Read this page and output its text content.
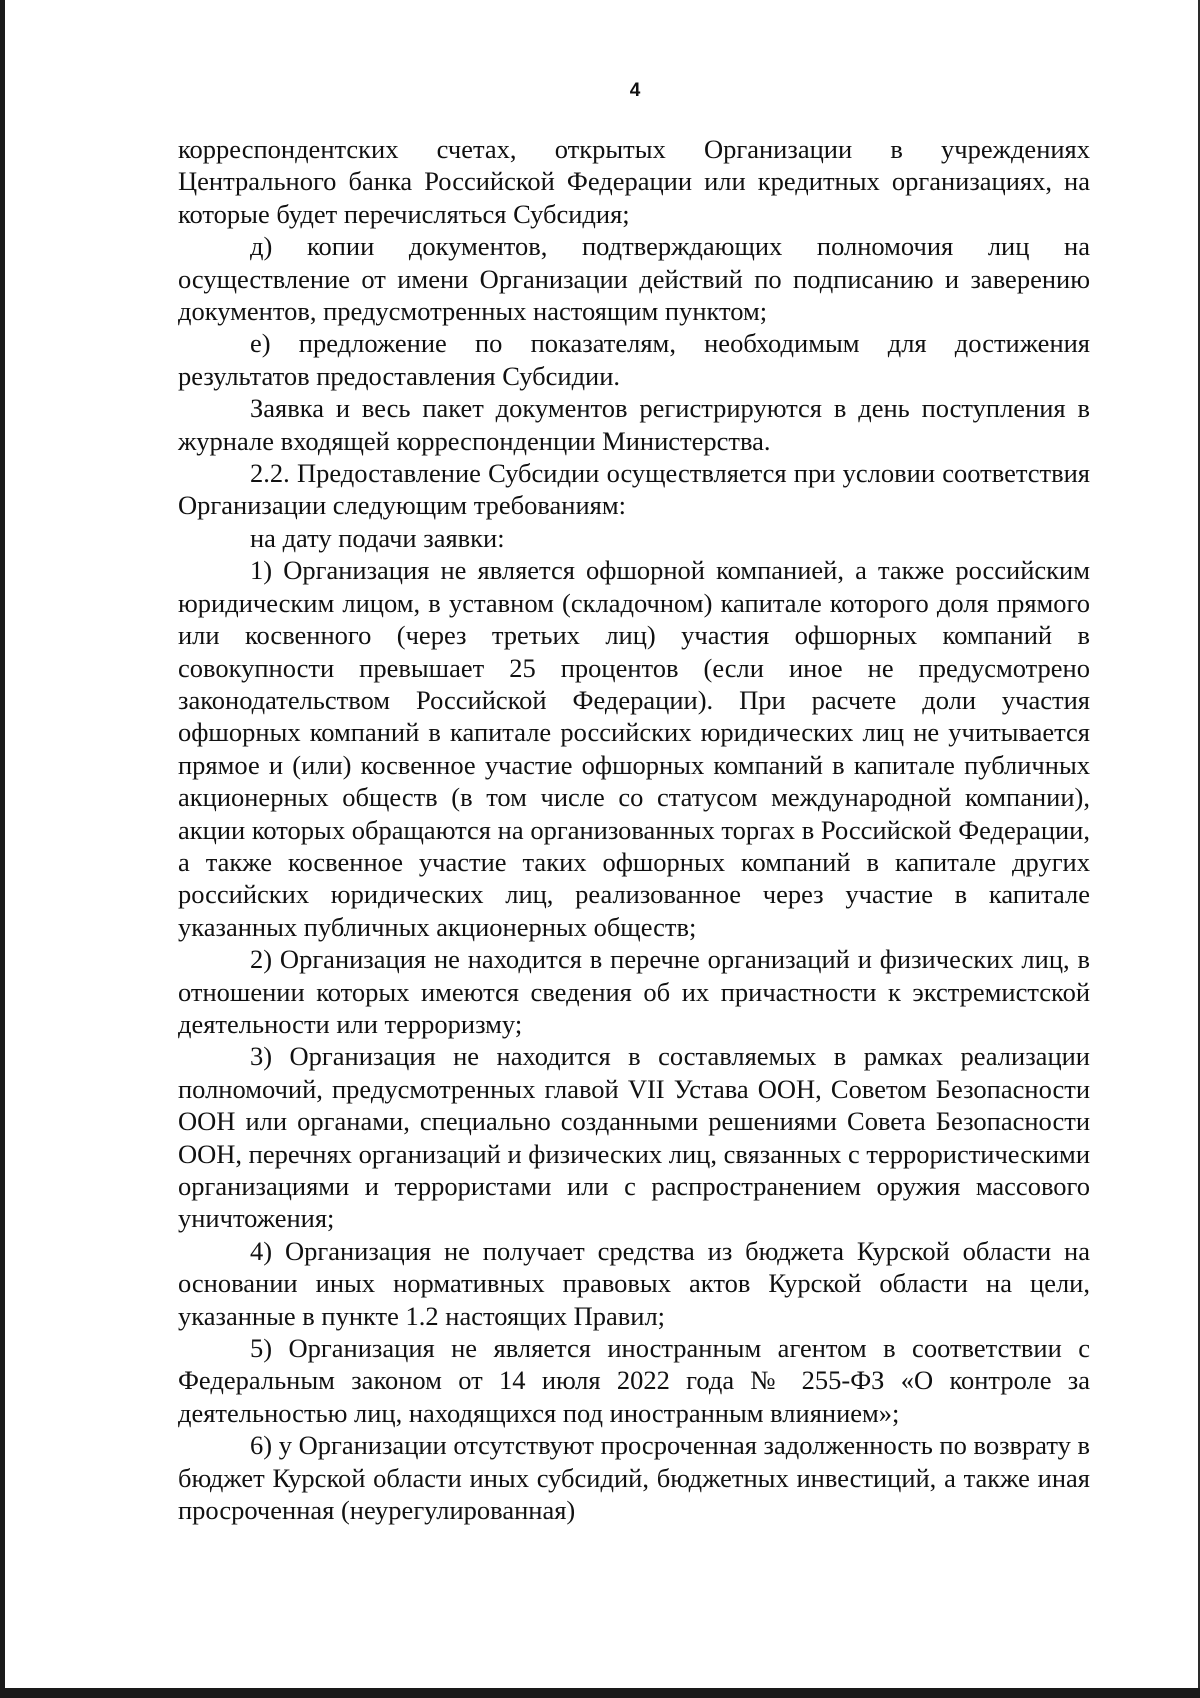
4

корреспондентских счетах, открытых Организации в учреждениях Центрального банка Российской Федерации или кредитных организациях, на которые будет перечисляться Субсидия;

д) копии документов, подтверждающих полномочия лиц на осуществление от имени Организации действий по подписанию и заверению документов, предусмотренных настоящим пунктом;

е) предложение по показателям, необходимым для достижения результатов предоставления Субсидии.

Заявка и весь пакет документов регистрируются в день поступления в журнале входящей корреспонденции Министерства.

2.2. Предоставление Субсидии осуществляется при условии соответствия Организации следующим требованиям:

на дату подачи заявки:

1) Организация не является офшорной компанией, а также российским юридическим лицом, в уставном (складочном) капитале которого доля прямого или косвенного (через третьих лиц) участия офшорных компаний в совокупности превышает 25 процентов (если иное не предусмотрено законодательством Российской Федерации). При расчете доли участия офшорных компаний в капитале российских юридических лиц не учитывается прямое и (или) косвенное участие офшорных компаний в капитале публичных акционерных обществ (в том числе со статусом международной компании), акции которых обращаются на организованных торгах в Российской Федерации, а также косвенное участие таких офшорных компаний в капитале других российских юридических лиц, реализованное через участие в капитале указанных публичных акционерных обществ;

2) Организация не находится в перечне организаций и физических лиц, в отношении которых имеются сведения об их причастности к экстремистской деятельности или терроризму;

3) Организация не находится в составляемых в рамках реализации полномочий, предусмотренных главой VII Устава ООН, Советом Безопасности ООН или органами, специально созданными решениями Совета Безопасности ООН, перечнях организаций и физических лиц, связанных с террористическими организациями и террористами или с распространением оружия массового уничтожения;

4) Организация не получает средства из бюджета Курской области на основании иных нормативных правовых актов Курской области на цели, указанные в пункте 1.2 настоящих Правил;

5) Организация не является иностранным агентом в соответствии с Федеральным законом от 14 июля 2022 года № 255-ФЗ «О контроле за деятельностью лиц, находящихся под иностранным влиянием»;

6) у Организации отсутствуют просроченная задолженность по возврату в бюджет Курской области иных субсидий, бюджетных инвестиций, а также иная просроченная (неурегулированная)
